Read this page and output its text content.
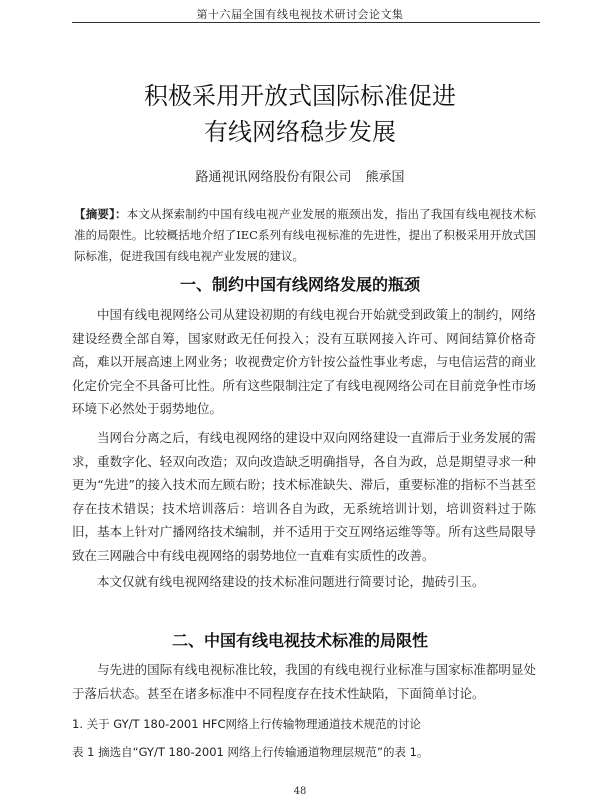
第十六届全国有线电视技术研讨会论文集
积极采用开放式国际标准促进
有线网络稳步发展
路通视讯网络股份有限公司 熊承国
【摘要】：本文从探索制约中国有线电视产业发展的瓶颈出发，指出了我国有线电视技术标准的局限性。比较概括地介绍了IEC系列有线电视标准的先进性，提出了积极采用开放式国际标准，促进我国有线电视产业发展的建议。
一、制约中国有线网络发展的瓶颈
中国有线电视网络公司从建设初期的有线电视台开始就受到政策上的制约，网络建设经费全部自筹，国家财政无任何投入；没有互联网接入许可、网间结算价格奇高，难以开展高速上网业务；收视费定价方针按公益性事业考虑，与电信运营的商业化定价完全不具备可比性。所有这些限制注定了有线电视网络公司在目前竞争性市场环境下必然处于弱势地位。
当网台分离之后，有线电视网络的建设中双向网络建设一直滞后于业务发展的需求，重数字化、轻双向改造；双向改造缺乏明确指导，各自为政，总是期望寻求一种更为“先进”的接入技术而左顾右盼；技术标准缺失、滞后，重要标准的指标不当甚至存在技术错误；技术培训落后：培训各自为政，无系统培训计划，培训资料过于陈旧，基本上针对广播网络技术编制，并不适用于交互网络运维等等。所有这些局限导致在三网融合中有线电视网络的弱势地位一直难有实质性的改善。
本文仅就有线电视网络建设的技术标准问题进行简要讨论，抛砖引玉。
二、中国有线电视技术标准的局限性
与先进的国际有线电视标准比较，我国的有线电视行业标准与国家标准都明显处于落后状态。甚至在诸多标准中不同程度存在技术性缺陷，下面简单讨论。
1. 关于 GY/T 180-2001 HFC网络上行传输物理通道技术规范的讨论
表 1 摘选自“GY/T 180-2001 网络上行传输通道物理层规范”的表 1。
48
